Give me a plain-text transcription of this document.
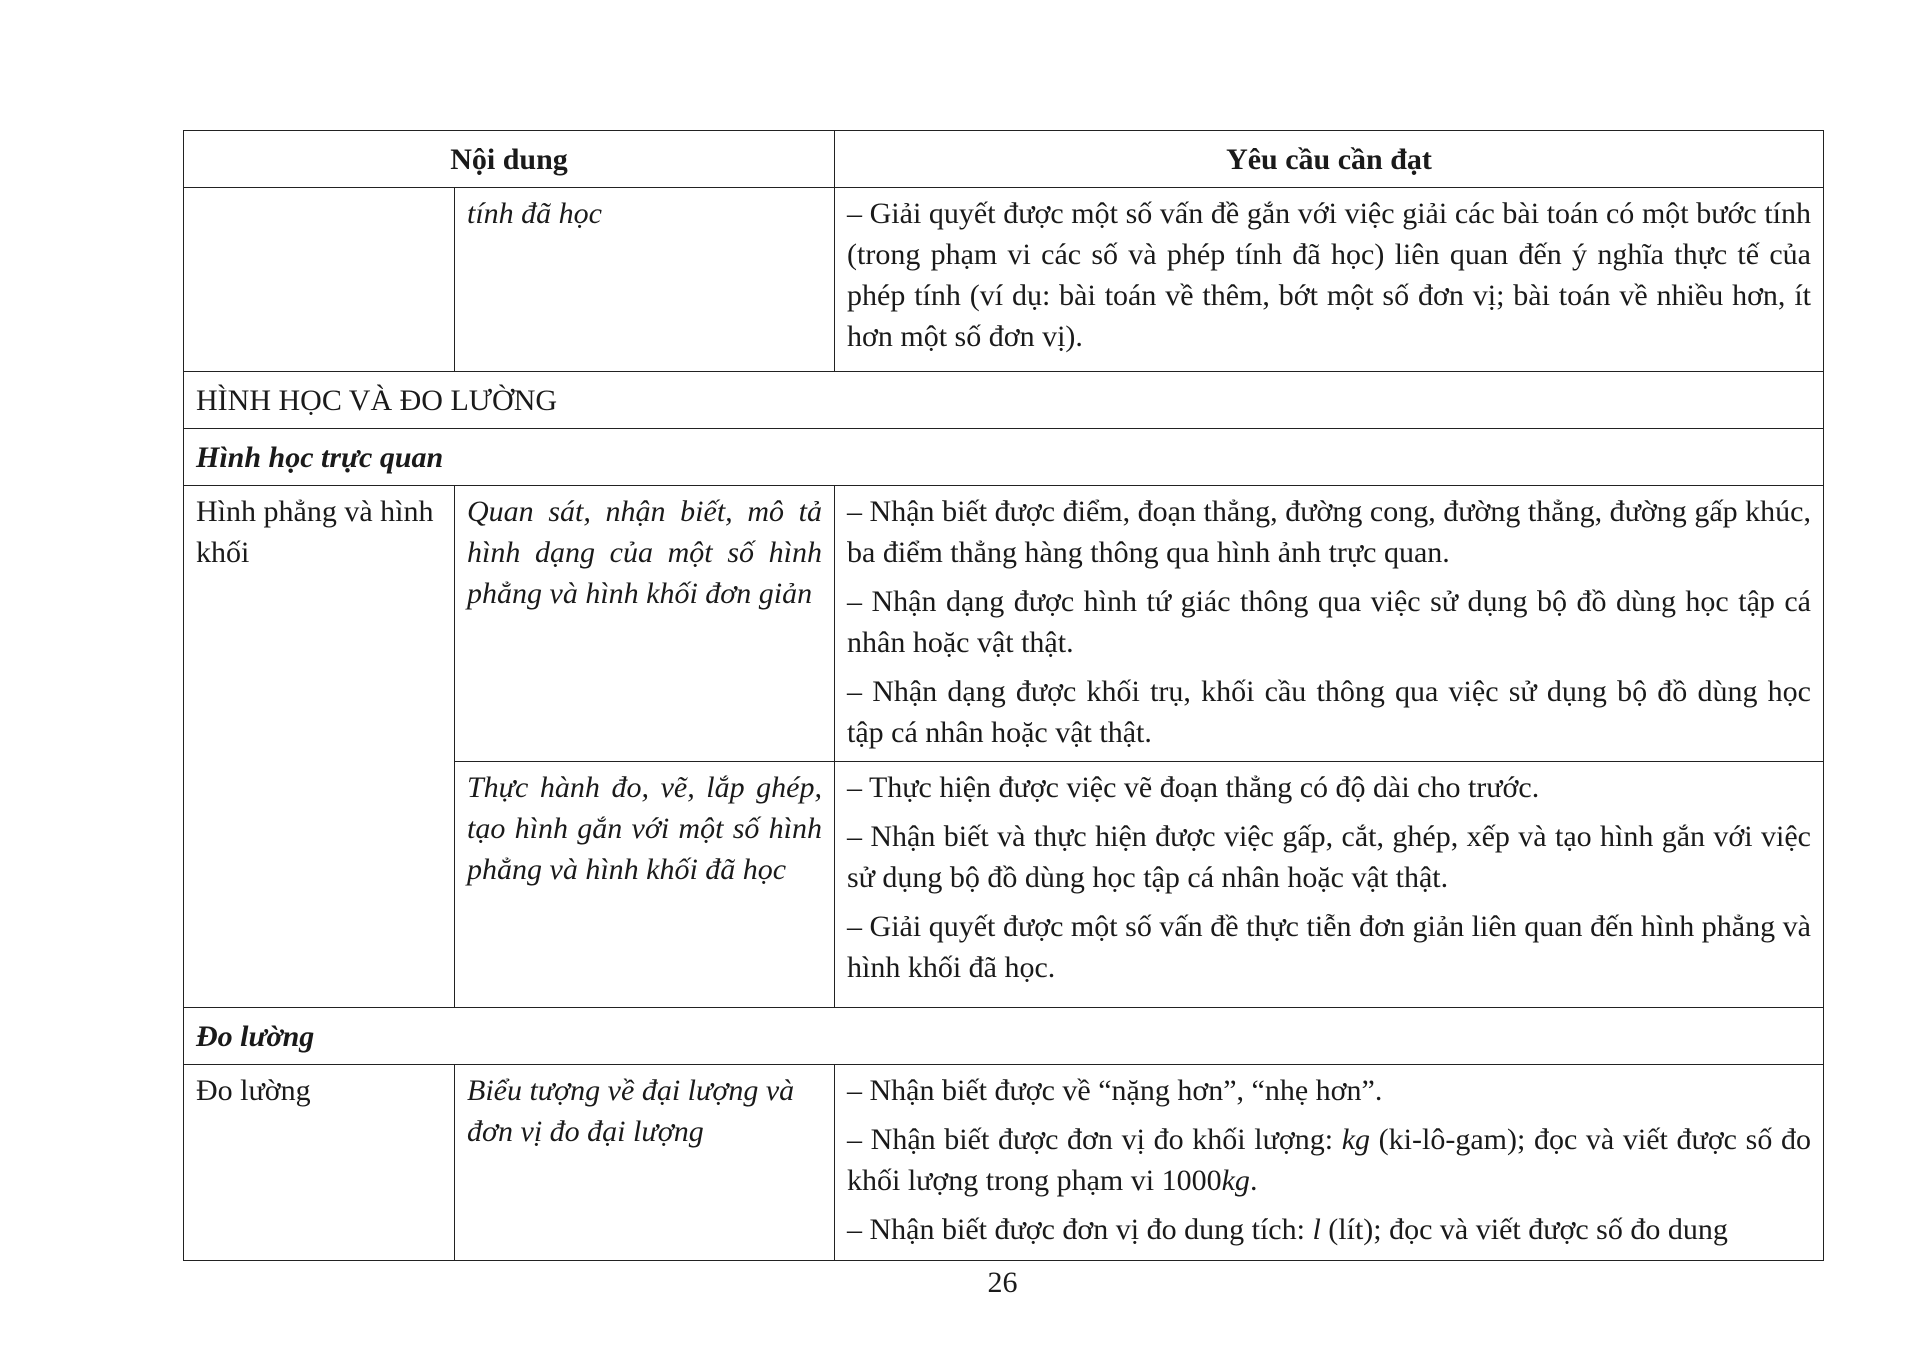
Nội dung		Yêu cầu cần đạt
	tính đã học	– Giải quyết được một số vấn đề gắn với việc giải các bài toán có một bước tính (trong phạm vi các số và phép tính đã học) liên quan đến ý nghĩa thực tế của phép tính (ví dụ: bài toán về thêm, bớt một số đơn vị; bài toán về nhiều hơn, ít hơn một số đơn vị).

HÌNH HỌC VÀ ĐO LƯỜNG		
Hình học trực quan		
Hình phẳng và hình khối	Quan sát, nhận biết, mô tả hình dạng của một số hình phẳng và hình khối đơn giản	– Nhận biết được điểm, đoạn thẳng, đường cong, đường thẳng, đường gấp khúc, ba điểm thẳng hàng thông qua hình ảnh trực quan.

– Nhận dạng được hình tứ giác thông qua việc sử dụng bộ đồ dùng học tập cá nhân hoặc vật thật.

– Nhận dạng được khối trụ, khối cầu thông qua việc sử dụng bộ đồ dùng học tập cá nhân hoặc vật thật.

	Thực hành đo, vẽ, lắp ghép, tạo hình gắn với một số hình phẳng và hình khối đã học	– Thực hiện được việc vẽ đoạn thẳng có độ dài cho trước.

– Nhận biết và thực hiện được việc gấp, cắt, ghép, xếp và tạo hình gắn với việc sử dụng bộ đồ dùng học tập cá nhân hoặc vật thật.

– Giải quyết được một số vấn đề thực tiễn đơn giản liên quan đến hình phẳng và hình khối đã học.

Đo lường		
Đo lường	Biểu tượng về đại lượng và đơn vị đo đại lượng	– Nhận biết được về “nặng hơn”, “nhẹ hơn”.

– Nhận biết được đơn vị đo khối lượng: kg (ki-lô-gam); đọc và viết được số đo khối lượng trong phạm vi 1000kg.

– Nhận biết được đơn vị đo dung tích: l (lít); đọc và viết được số đo dung

26
